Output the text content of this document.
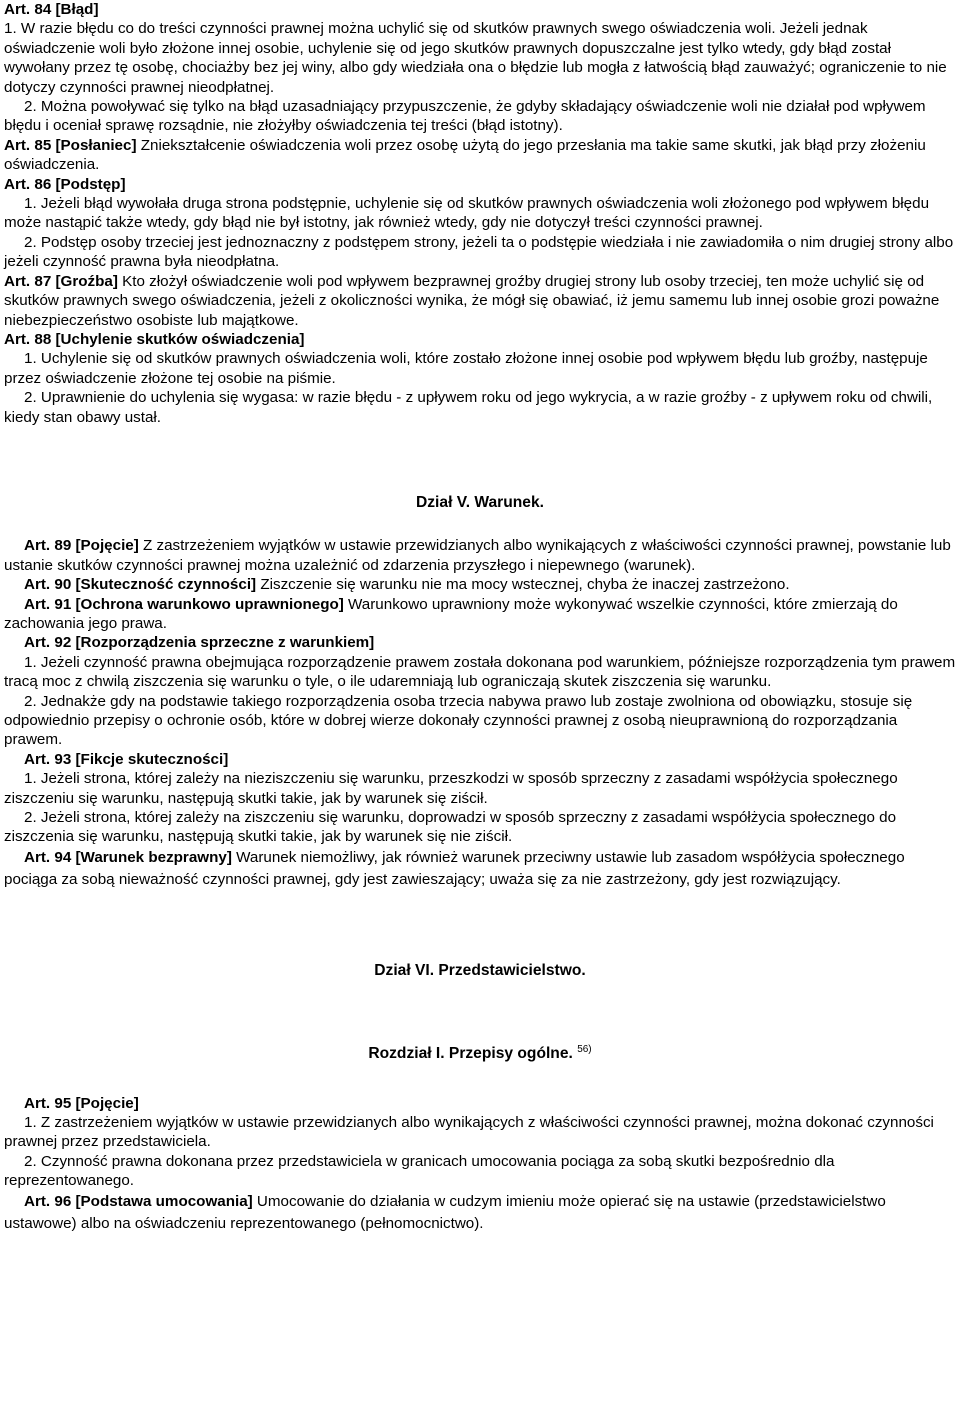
Art. 84 [Błąd]

1. W razie błędu co do treści czynności prawnej można uchylić się od skutków prawnych swego oświadczenia woli. Jeżeli jednak oświadczenie woli było złożone innej osobie, uchylenie się od jego skutków prawnych dopuszczalne jest tylko wtedy, gdy błąd został wywołany przez tę osobę, chociażby bez jej winy, albo gdy wiedziała ona o błędzie lub mogła z łatwością błąd zauważyć; ograniczenie to nie dotyczy czynności prawnej nieodpłatnej.

2. Można powoływać się tylko na błąd uzasadniający przypuszczenie, że gdyby składający oświadczenie woli nie działał pod wpływem błędu i oceniał sprawę rozsądnie, nie złożyłby oświadczenia tej treści (błąd istotny).

Art. 85 [Posłaniec] Zniekształcenie oświadczenia woli przez osobę użytą do jego przesłania ma takie same skutki, jak błąd przy złożeniu oświadczenia.

Art. 86 [Podstęp]

1. Jeżeli błąd wywołała druga strona podstępnie, uchylenie się od skutków prawnych oświadczenia woli złożonego pod wpływem błędu może nastąpić także wtedy, gdy błąd nie był istotny, jak również wtedy, gdy nie dotyczył treści czynności prawnej.

2. Podstęp osoby trzeciej jest jednoznaczny z podstępem strony, jeżeli ta o podstępie wiedziała i nie zawiadomiła o nim drugiej strony albo jeżeli czynność prawna była nieodpłatna.

Art. 87 [Groźba] Kto złożył oświadczenie woli pod wpływem bezprawnej groźby drugiej strony lub osoby trzeciej, ten może uchylić się od skutków prawnych swego oświadczenia, jeżeli z okoliczności wynika, że mógł się obawiać, iż jemu samemu lub innej osobie grozi poważne niebezpieczeństwo osobiste lub majątkowe.

Art. 88 [Uchylenie skutków oświadczenia]

1. Uchylenie się od skutków prawnych oświadczenia woli, które zostało złożone innej osobie pod wpływem błędu lub groźby, następuje przez oświadczenie złożone tej osobie na piśmie.

2. Uprawnienie do uchylenia się wygasa: w razie błędu - z upływem roku od jego wykrycia, a w razie groźby - z upływem roku od chwili, kiedy stan obawy ustał.

Dział V. Warunek.

Art. 89 [Pojęcie] Z zastrzeżeniem wyjątków w ustawie przewidzianych albo wynikających z właściwości czynności prawnej, powstanie lub ustanie skutków czynności prawnej można uzależnić od zdarzenia przyszłego i niepewnego (warunek).

Art. 90 [Skuteczność czynności] Ziszczenie się warunku nie ma mocy wstecznej, chyba że inaczej zastrzeżono.

Art. 91 [Ochrona warunkowo uprawnionego] Warunkowo uprawniony może wykonywać wszelkie czynności, które zmierzają do zachowania jego prawa.

Art. 92 [Rozporządzenia sprzeczne z warunkiem]

1. Jeżeli czynność prawna obejmująca rozporządzenie prawem została dokonana pod warunkiem, późniejsze rozporządzenia tym prawem tracą moc z chwilą ziszczenia się warunku o tyle, o ile udaremniają lub ograniczają skutek ziszczenia się warunku.

2. Jednakże gdy na podstawie takiego rozporządzenia osoba trzecia nabywa prawo lub zostaje zwolniona od obowiązku, stosuje się odpowiednio przepisy o ochronie osób, które w dobrej wierze dokonały czynności prawnej z osobą nieuprawnioną do rozporządzania prawem.

Art. 93 [Fikcje skuteczności]

1. Jeżeli strona, której zależy na nieziszczeniu się warunku, przeszkodzi w sposób sprzeczny z zasadami współżycia społecznego ziszczeniu się warunku, następują skutki takie, jak by warunek się ziścił.

2. Jeżeli strona, której zależy na ziszczeniu się warunku, doprowadzi w sposób sprzeczny z zasadami współżycia społecznego do ziszczenia się warunku, następują skutki takie, jak by warunek się nie ziścił.

Art. 94 [Warunek bezprawny] Warunek niemożliwy, jak również warunek przeciwny ustawie lub zasadom współżycia społecznego pociąga za sobą nieważność czynności prawnej, gdy jest zawieszający; uważa się za nie zastrzeżony, gdy jest rozwiązujący.

Dział VI. Przedstawicielstwo.

Rozdział I. Przepisy ogólne. $^{56)}$

Art. 95 [Pojęcie]

1. Z zastrzeżeniem wyjątków w ustawie przewidzianych albo wynikających z właściwości czynności prawnej, można dokonać czynności prawnej przez przedstawiciela.

2. Czynność prawna dokonana przez przedstawiciela w granicach umocowania pociąga za sobą skutki bezpośrednio dla reprezentowanego.

Art. 96 [Podstawa umocowania] Umocowanie do działania w cudzym imieniu może opierać się na ustawie (przedstawicielstwo ustawowe) albo na oświadczeniu reprezentowanego (pełnomocnictwo).
